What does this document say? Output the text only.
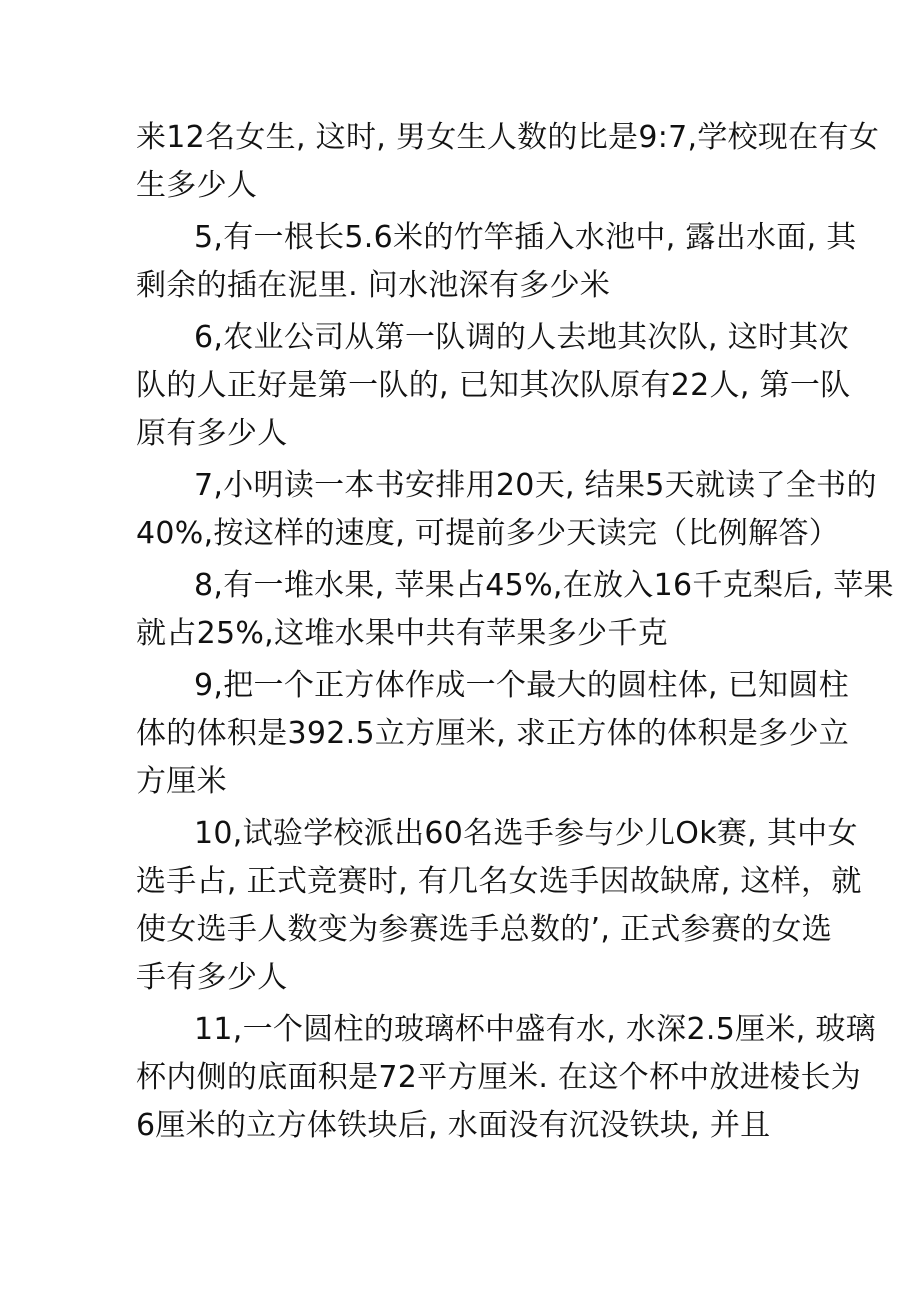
来12名女生, 这时, 男女生人数的比是9:7,学校现在有女
生多少人

5,有一根长5.6米的竹竿插入水池中, 露出水面, 其
剩余的插在泥里. 问水池深有多少米

6,农业公司从第一队调的人去地其次队, 这时其次
队的人正好是第一队的, 已知其次队原有22人, 第一队
原有多少人

7,小明读一本书安排用20天, 结果5天就读了全书的
40%,按这样的速度, 可提前多少天读完（比例解答）

8,有一堆水果, 苹果占45%,在放入16千克梨后, 苹果
就占25%,这堆水果中共有苹果多少千克

9,把一个正方体作成一个最大的圆柱体, 已知圆柱
体的体积是392.5立方厘米, 求正方体的体积是多少立
方厘米

10,试验学校派出60名选手参与少儿Ok赛, 其中女
选手占, 正式竞赛时, 有几名女选手因故缺席, 这样，就
使女选手人数变为参赛选手总数的’, 正式参赛的女选
手有多少人

11,一个圆柱的玻璃杯中盛有水, 水深2.5厘米, 玻璃
杯内侧的底面积是72平方厘米. 在这个杯中放进棱长为
6厘米的立方体铁块后, 水面没有沉没铁块, 并且
